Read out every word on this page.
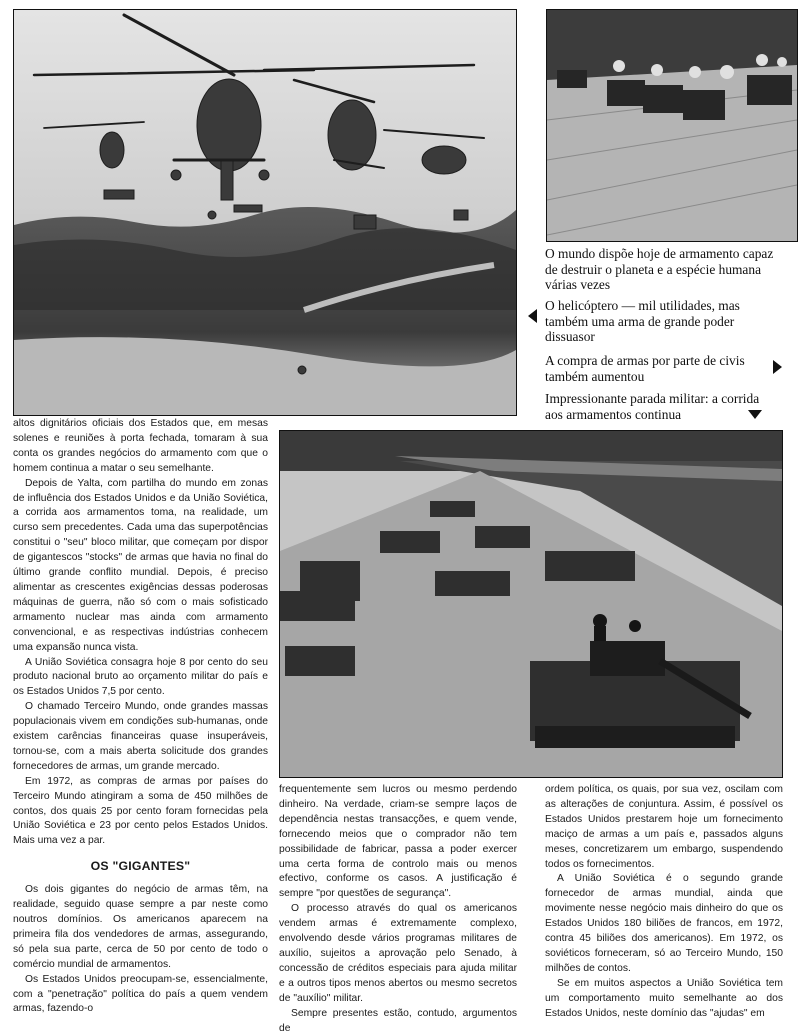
O mundo dispõe hoje de armamento capaz de destruir o planeta e a espécie humana várias vezes
O helicóptero — mil utilidades, mas também uma arma de grande poder dissuasor
A compra de armas por parte de civis também aumentou
Impressionante parada militar: a corrida aos armamentos continua

altos dignitários oficiais dos Estados que, em mesas solenes e reuniões à porta fechada, tomaram à sua conta os grandes negócios do armamento com que o homem continua a matar o seu semelhante.

Depois de Yalta, com partilha do mundo em zonas de influência dos Estados Unidos e da União Soviética, a corrida aos armamentos toma, na realidade, um curso sem precedentes. Cada uma das superpotências constitui o "seu" bloco militar, que começam por dispor de gigantescos "stocks" de armas que havia no final do último grande conflito mundial. Depois, é preciso alimentar as crescentes exigências dessas poderosas máquinas de guerra, não só com o mais sofisticado armamento nuclear mas ainda com armamento convencional, e as respectivas indústrias conhecem uma expansão nunca vista.

A União Soviética consagra hoje 8 por cento do seu produto nacional bruto ao orçamento militar do país e os Estados Unidos 7,5 por cento.

O chamado Terceiro Mundo, onde grandes massas populacionais vivem em condições sub-humanas, onde existem carências financeiras quase insuperáveis, tornou-se, com a mais aberta solicitude dos grandes fornecedores de armas, um grande mercado.

Em 1972, as compras de armas por países do Terceiro Mundo atingiram a soma de 450 milhões de contos, dos quais 25 por cento foram fornecidas pela União Soviética e 23 por cento pelos Estados Unidos. Mais uma vez a par.

OS "GIGANTES"

Os dois gigantes do negócio de armas têm, na realidade, seguido quase sempre a par neste como noutros domínios. Os americanos aparecem na primeira fila dos vendedores de armas, assegurando, só pela sua parte, cerca de 50 por cento de todo o comércio mundial de armamentos.

Os Estados Unidos preocupam-se, essencialmente, com a "penetração" política do país a quem vendem armas, fazendo-o

frequentemente sem lucros ou mesmo perdendo dinheiro. Na verdade, criam-se sempre laços de dependência nestas transacções, e quem vende, fornecendo meios que o comprador não tem possibilidade de fabricar, passa a poder exercer uma certa forma de controlo mais ou menos efectivo, conforme os casos. A justificação é sempre "por questões de segurança".

O processo através do qual os americanos vendem armas é extremamente complexo, envolvendo desde vários programas militares de auxílio, sujeitos a aprovação pelo Senado, à concessão de créditos especiais para ajuda militar e a outros tipos menos abertos ou mesmo secretos de "auxílio" militar.

Sempre presentes estão, contudo, argumentos de

ordem política, os quais, por sua vez, oscilam com as alterações de conjuntura. Assim, é possível os Estados Unidos prestarem hoje um fornecimento maciço de armas a um país e, passados alguns meses, concretizarem um embargo, suspendendo todos os fornecimentos.

A União Soviética é o segundo grande fornecedor de armas mundial, ainda que movimente nesse negócio mais dinheiro do que os Estados Unidos 180 biliões de francos, em 1972, contra 45 biliões dos americanos). Em 1972, os soviéticos forneceram, só ao Terceiro Mundo, 150 milhões de contos.

Se em muitos aspectos a União Soviética tem um comportamento muito semelhante ao dos Estados Unidos, neste domínio das "ajudas" em
